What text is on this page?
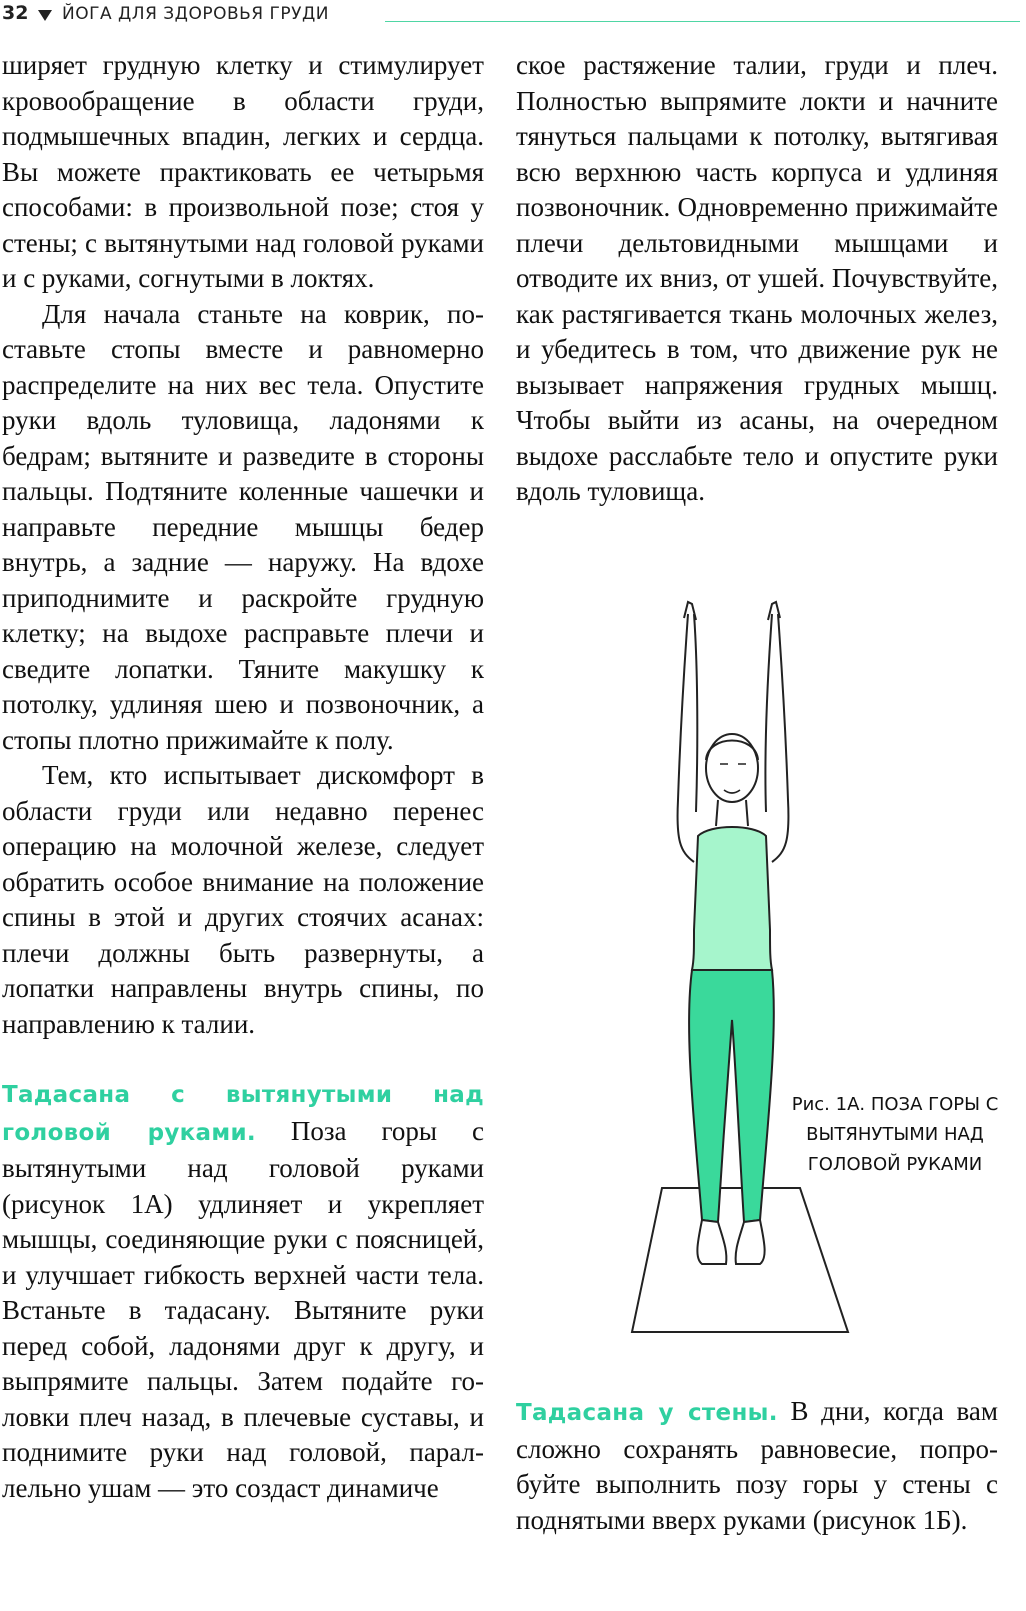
32 ЙОГА ДЛЯ ЗДОРОВЬЯ ГРУДИ

ширяет грудную клетку и стимулирует кровообращение в области груди, подмышечных впадин, легких и сердца. Вы можете практиковать ее четырьмя способами: в произвольной позе; стоя у стены; с вытянутыми над головой руками и с руками, согнутыми в локтях.

Для начала станьте на коврик, поставьте стопы вместе и равномерно распределите на них вес тела. Опустите руки вдоль туловища, ладонями к бедрам; вытяните и разведите в стороны пальцы. Подтяните коленные чашечки и направьте передние мышцы бедер внутрь, а задние — наружу. На вдохе приподнимите и раскройте грудную клетку; на выдохе расправьте плечи и сведите лопатки. Тяните макушку к потолку, удлиняя шею и позвоночник, а стопы плотно прижимайте к полу.

Тем, кто испытывает дискомфорт в области груди или недавно перенес операцию на молочной железе, следует обратить особое внимание на положение спины в этой и других стоячих асанах: плечи должны быть развернуты, а лопатки направлены внутрь спины, по направлению к талии.

Тадасана с вытянутыми над головой руками. Поза горы с вытянутыми над головой руками (рисунок 1А) удлиняет и укрепляет мышцы, соединяющие руки с поясницей, и улучшает гибкость верхней части тела. Встаньте в тадасану. Вытяните руки перед собой, ладонями друг к другу, и выпрямите пальцы. Затем подайте головки плеч назад, в плечевые суставы, и поднимите руки над головой, параллельно ушам — это создаст динамиче

ское растяжение талии, груди и плеч. Полностью выпрямите локти и начните тянуться пальцами к потолку, вытягивая всю верхнюю часть корпуса и удлиняя позвоночник. Одновременно прижимайте плечи дельтовидными мышцами и отводите их вниз, от ушей. Почувствуйте, как растягивается ткань молочных желез, и убедитесь в том, что движение рук не вызывает напряжения грудных мышц. Чтобы выйти из асаны, на очередном выдохе расслабьте тело и опустите руки вдоль туловища.

Рис. 1А. ПОЗА ГОРЫ С ВЫТЯНУТЫМИ НАД ГОЛОВОЙ РУКАМИ

Тадасана у стены. В дни, когда вам сложно сохранять равновесие, попробуйте выполнить позу горы у стены с поднятыми вверх руками (рисунок 1Б).
